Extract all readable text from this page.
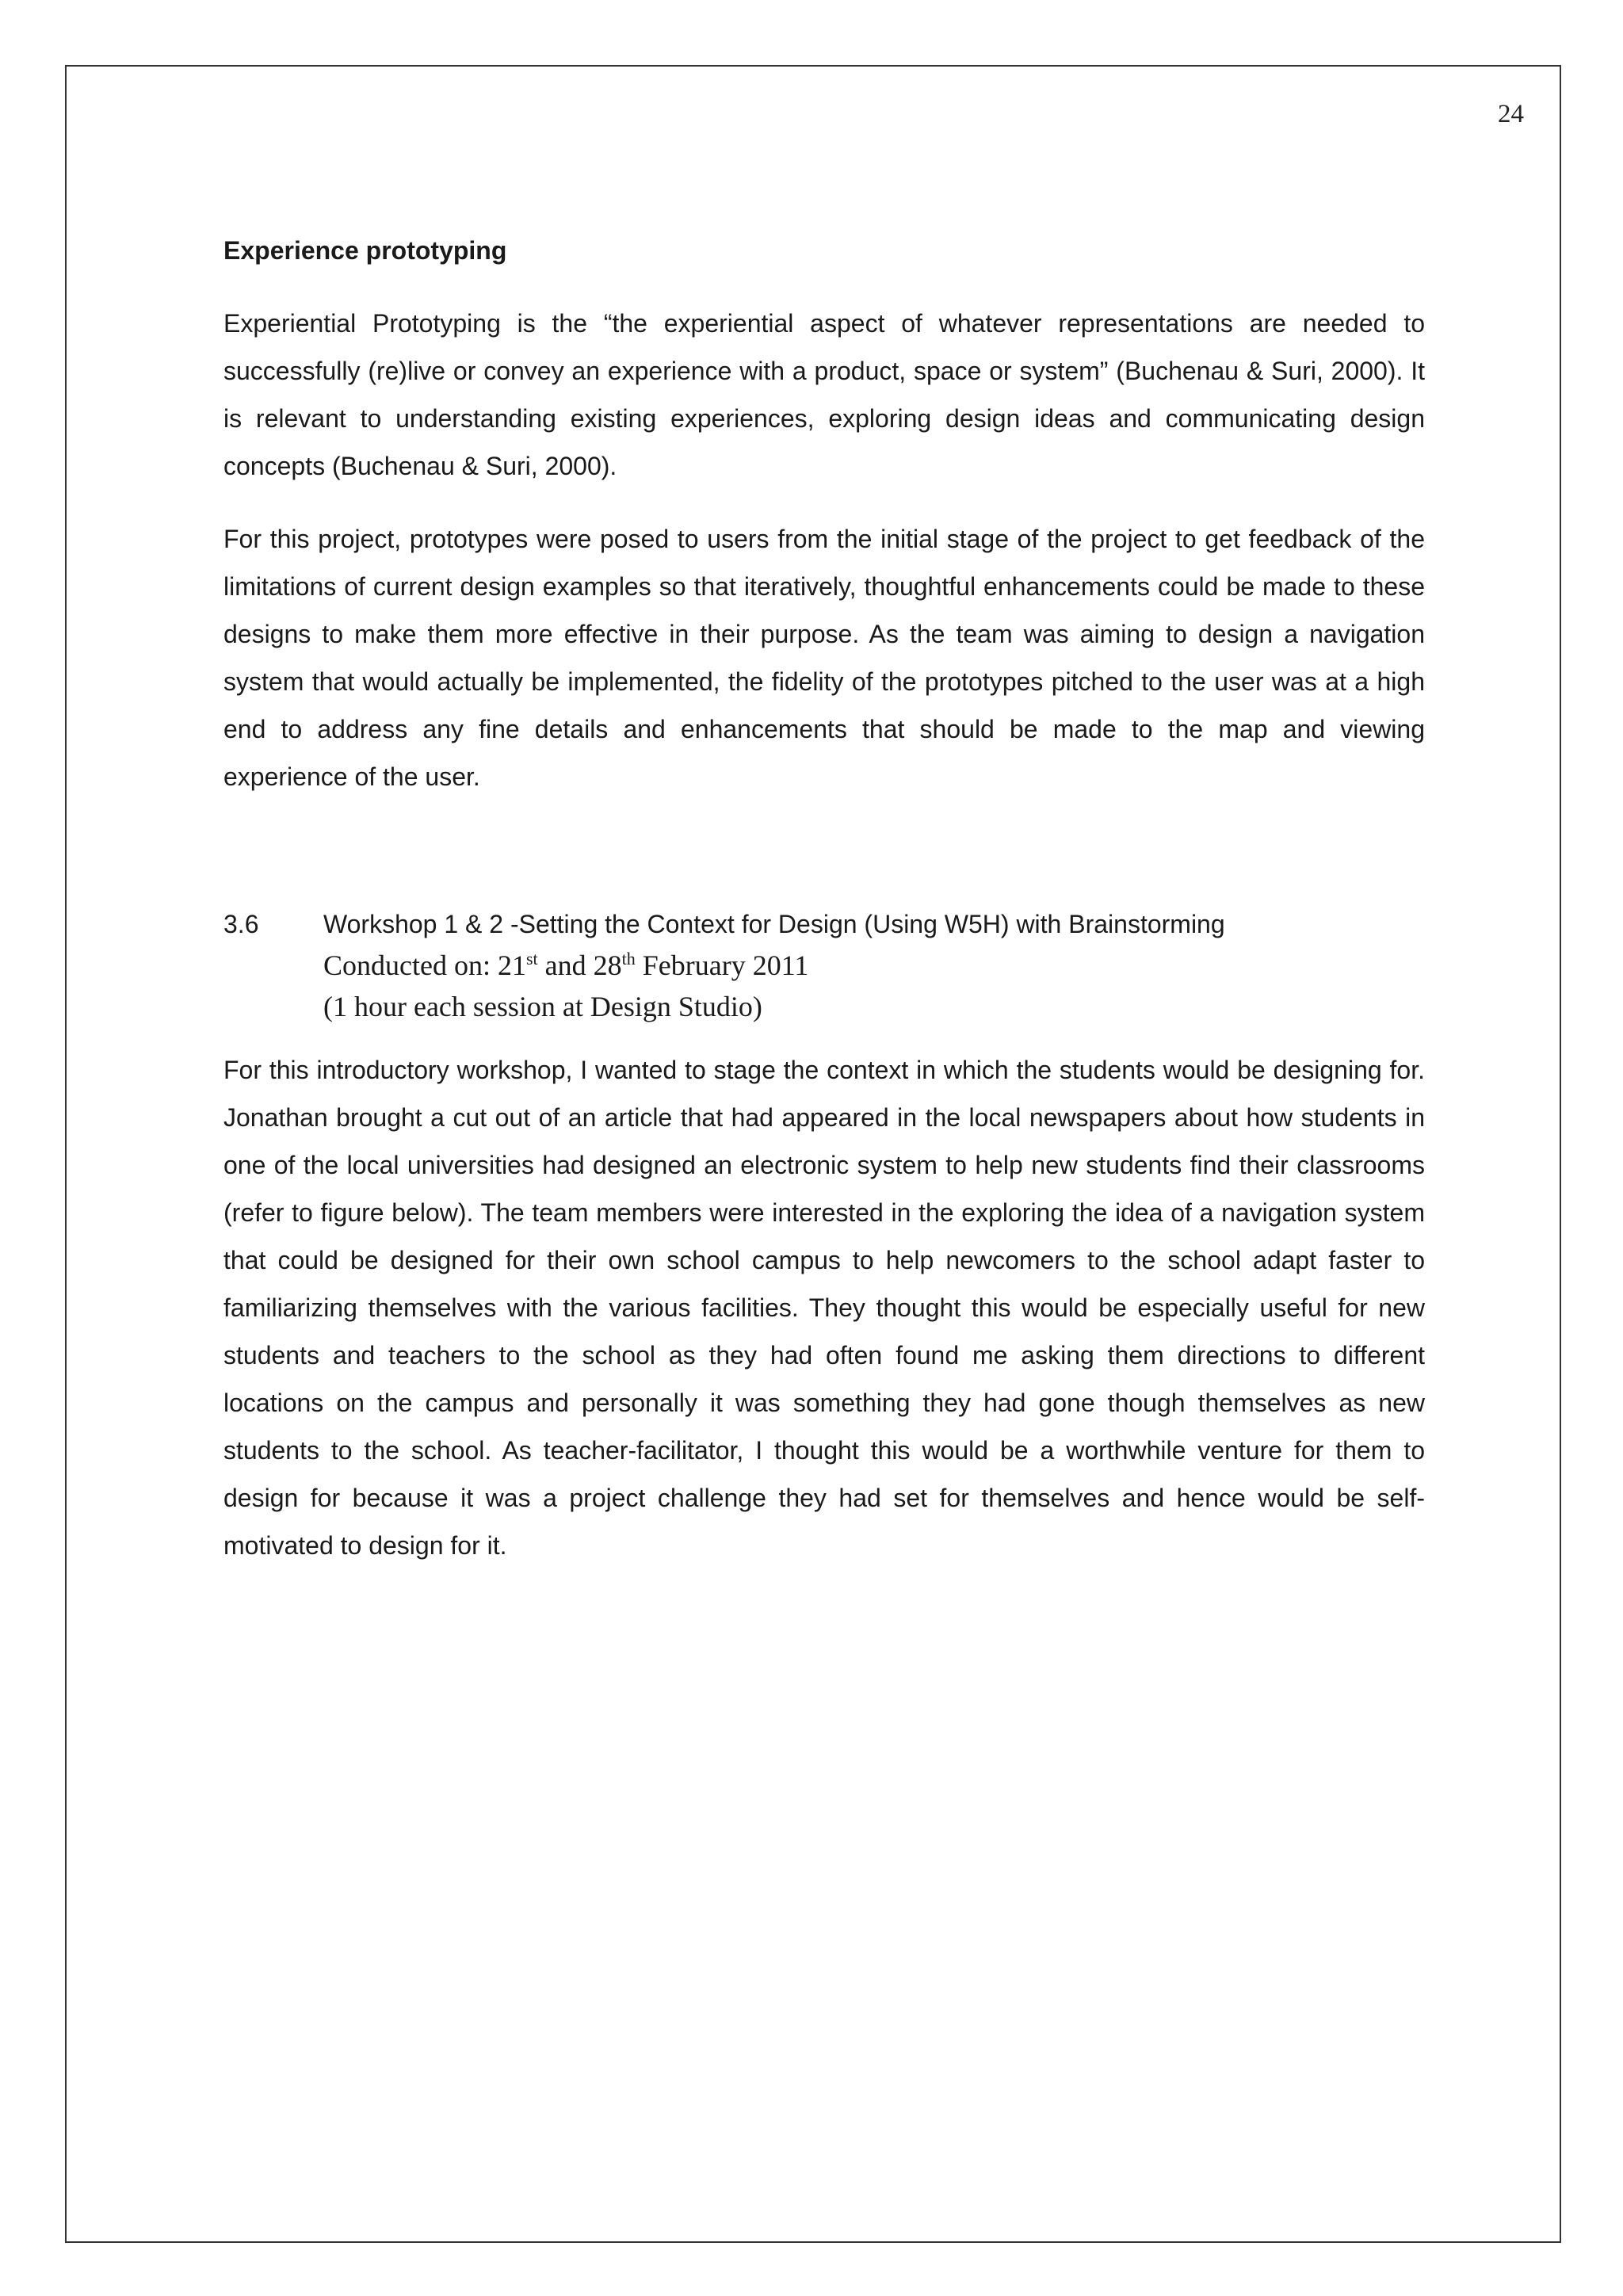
24
Experience prototyping

Experiential Prototyping is the “the experiential aspect of whatever representations are needed to successfully (re)live or convey an experience with a product, space or system” (Buchenau & Suri, 2000). It is relevant to understanding existing experiences, exploring design ideas and communicating design concepts (Buchenau & Suri, 2000).

For this project, prototypes were posed to users from the initial stage of the project to get feedback of the limitations of current design examples so that iteratively, thoughtful enhancements could be made to these designs to make them more effective in their purpose. As the team was aiming to design a navigation system that would actually be implemented, the fidelity of the prototypes pitched to the user was at a high end to address any fine details and enhancements that should be made to the map and viewing experience of the user.

3.6	Workshop 1 & 2 -Setting the Context for Design (Using W5H) with Brainstorming
Conducted on: 21st and 28th February 2011
(1 hour each session at Design Studio)

For this introductory workshop, I wanted to stage the context in which the students would be designing for. Jonathan brought a cut out of an article that had appeared in the local newspapers about how students in one of the local universities had designed an electronic system to help new students find their classrooms (refer to figure below). The team members were interested in the exploring the idea of a navigation system that could be designed for their own school campus to help newcomers to the school adapt faster to familiarizing themselves with the various facilities. They thought this would be especially useful for new students and teachers to the school as they had often found me asking them directions to different locations on the campus and personally it was something they had gone though themselves as new students to the school. As teacher-facilitator, I thought this would be a worthwhile venture for them to design for because it was a project challenge they had set for themselves and hence would be self-motivated to design for it.
